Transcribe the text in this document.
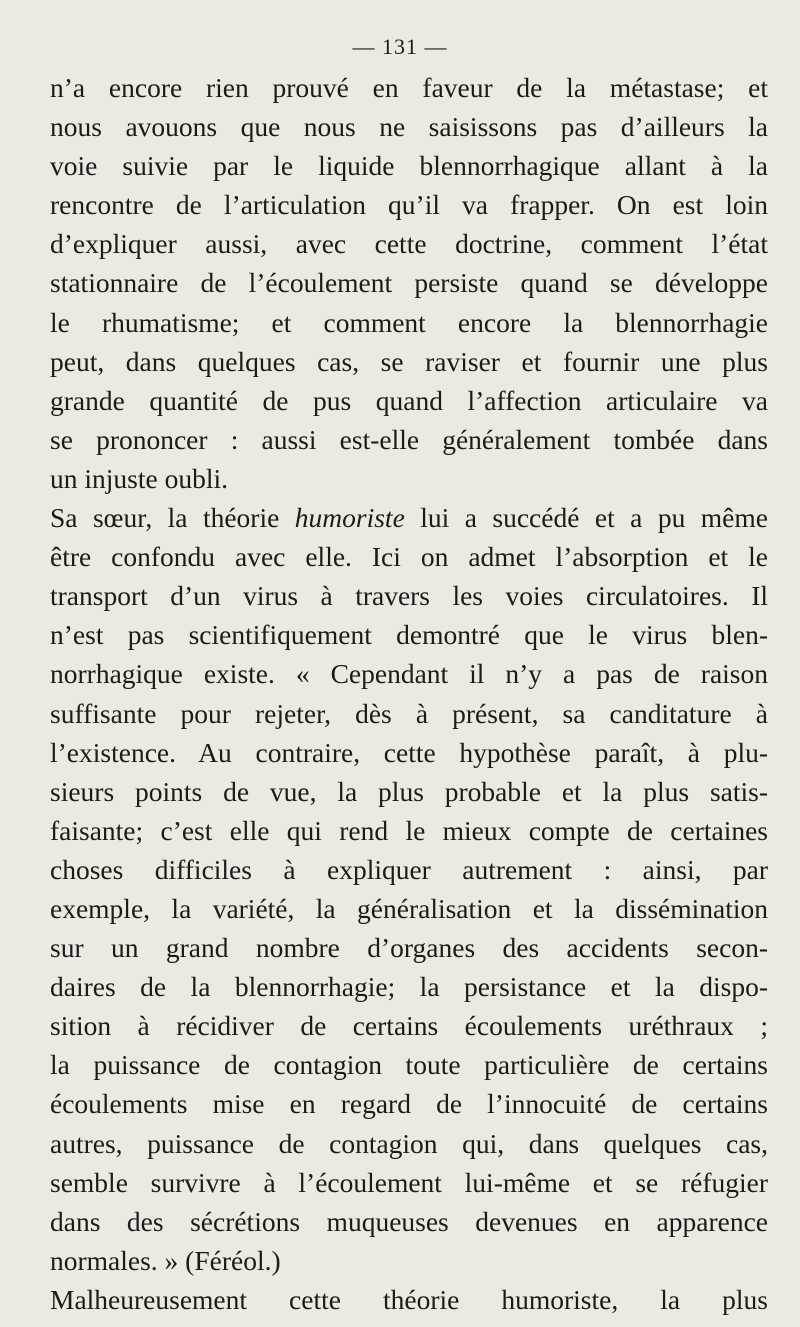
— 131 —
n’a encore rien prouvé en faveur de la métastase; et
nous avouons que nous ne saisissons pas d’ailleurs la
voie suivie par le liquide blennorrhagique allant à la
rencontre de l’articulation qu’il va frapper. On est loin
d’expliquer aussi, avec cette doctrine, comment l’état
stationnaire de l’écoulement persiste quand se développe
le rhumatisme; et comment encore la blennorrhagie
peut, dans quelques cas, se raviser et fournir une plus
grande quantité de pus quand l’affection articulaire va
se prononcer : aussi est-elle généralement tombée dans
un injuste oubli.
Sa sœur, la théorie humoriste lui a succédé et a pu même
être confondu avec elle. Ici on admet l’absorption et le
transport d’un virus à travers les voies circulatoires. Il
n’est pas scientifiquement demontré que le virus blen-
norrhagique existe. « Cependant il n’y a pas de raison
suffisante pour rejeter, dès à présent, sa canditature à
l’existence. Au contraire, cette hypothèse paraît, à plu-
sieurs points de vue, la plus probable et la plus satis-
faisante; c’est elle qui rend le mieux compte de certaines
choses difficiles à expliquer autrement : ainsi, par
exemple, la variété, la généralisation et la dissémination
sur un grand nombre d’organes des accidents secon-
daires de la blennorrhagie; la persistance et la dispo-
sition à récidiver de certains écoulements uréthraux ;
la puissance de contagion toute particulière de certains
écoulements mise en regard de l’innocuité de certains
autres, puissance de contagion qui, dans quelques cas,
semble survivre à l’écoulement lui-même et se réfugier
dans des sécrétions muqueuses devenues en apparence
normales. » (Féréol.)
Malheureusement cette théorie humoriste, la plus
